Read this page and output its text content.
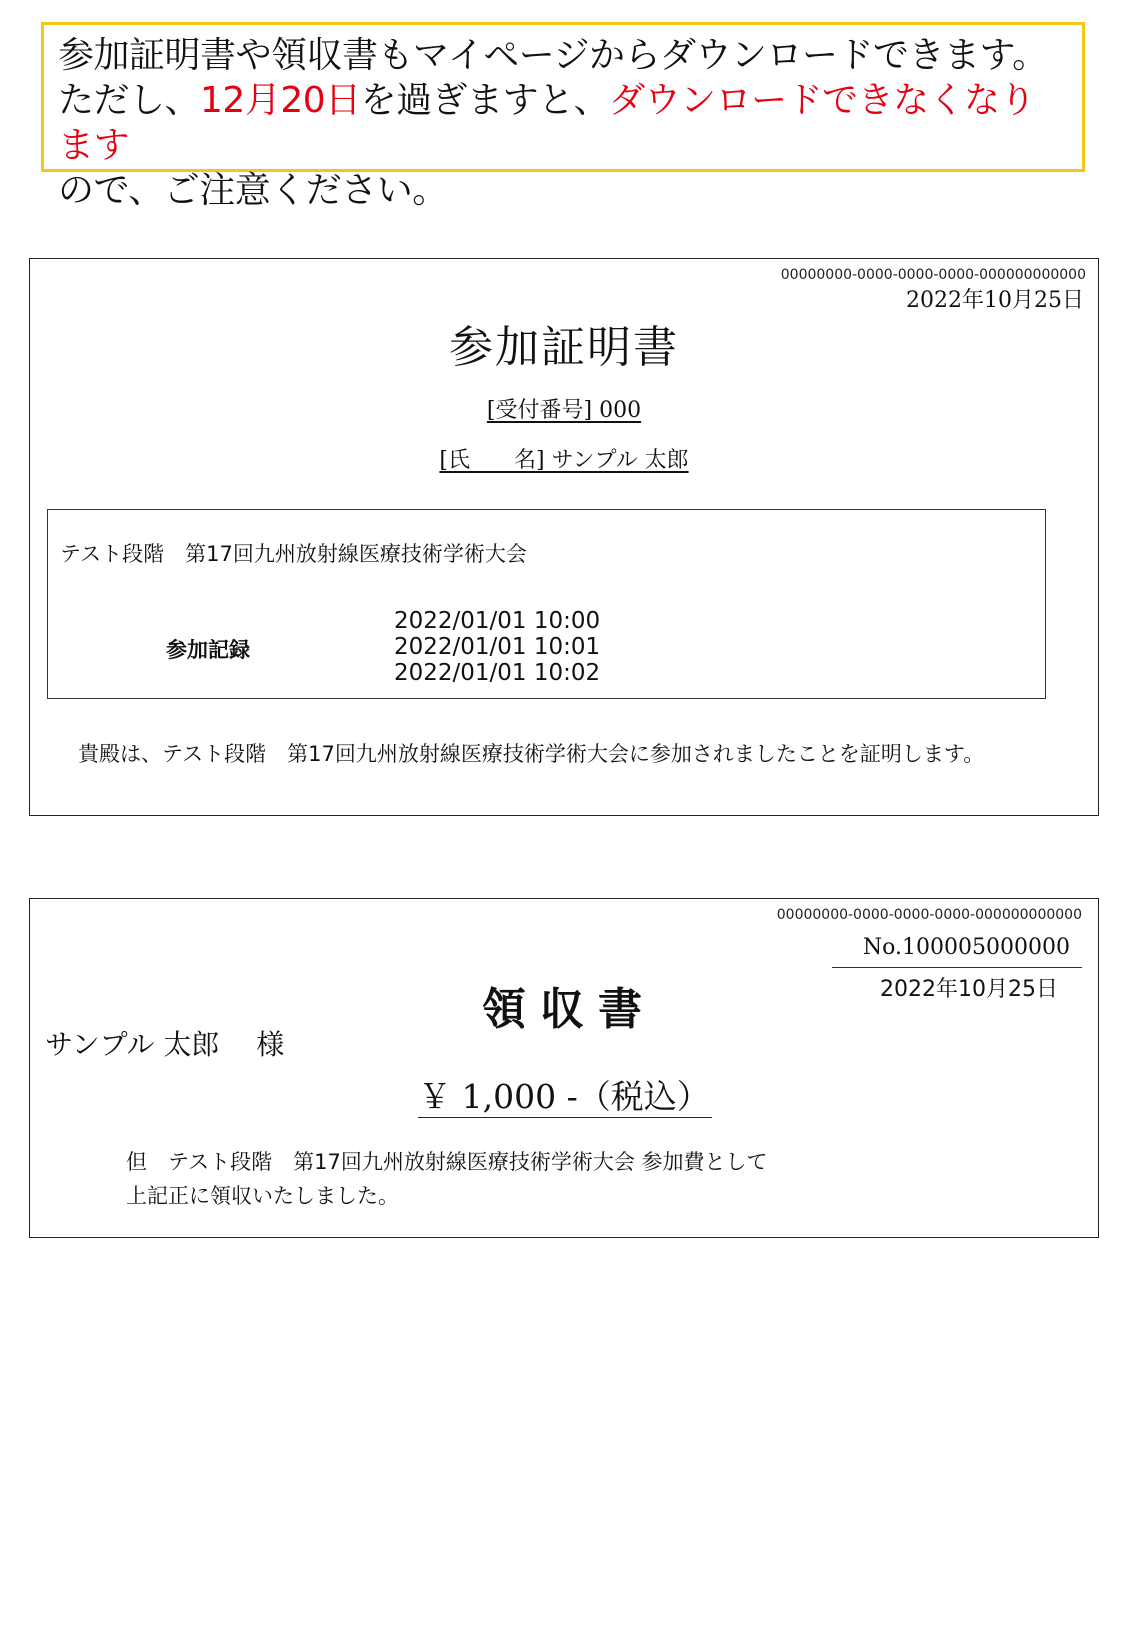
参加証明書や領収書もマイページからダウンロードできます。
ただし、12月20日を過ぎますと、ダウンロードできなくなります
ので、ご注意ください。
00000000-0000-0000-0000-000000000000
2022年10月25日
参加証明書
[受付番号] 000
[氏　　名] サンプル 太郎
テスト段階　第17回九州放射線医療技術学術大会
参加記録
2022/01/01 10:00
2022/01/01 10:01
2022/01/01 10:02
貴殿は、テスト段階　第17回九州放射線医療技術学術大会に参加されましたことを証明します。
00000000-0000-0000-0000-000000000000
No.100005000000
2022年10月25日
領収書
サンプル 太郎　 様
￥ 1,000 -（税込）
但　テスト段階　第17回九州放射線医療技術学術大会 参加費として
上記正に領収いたしました。
